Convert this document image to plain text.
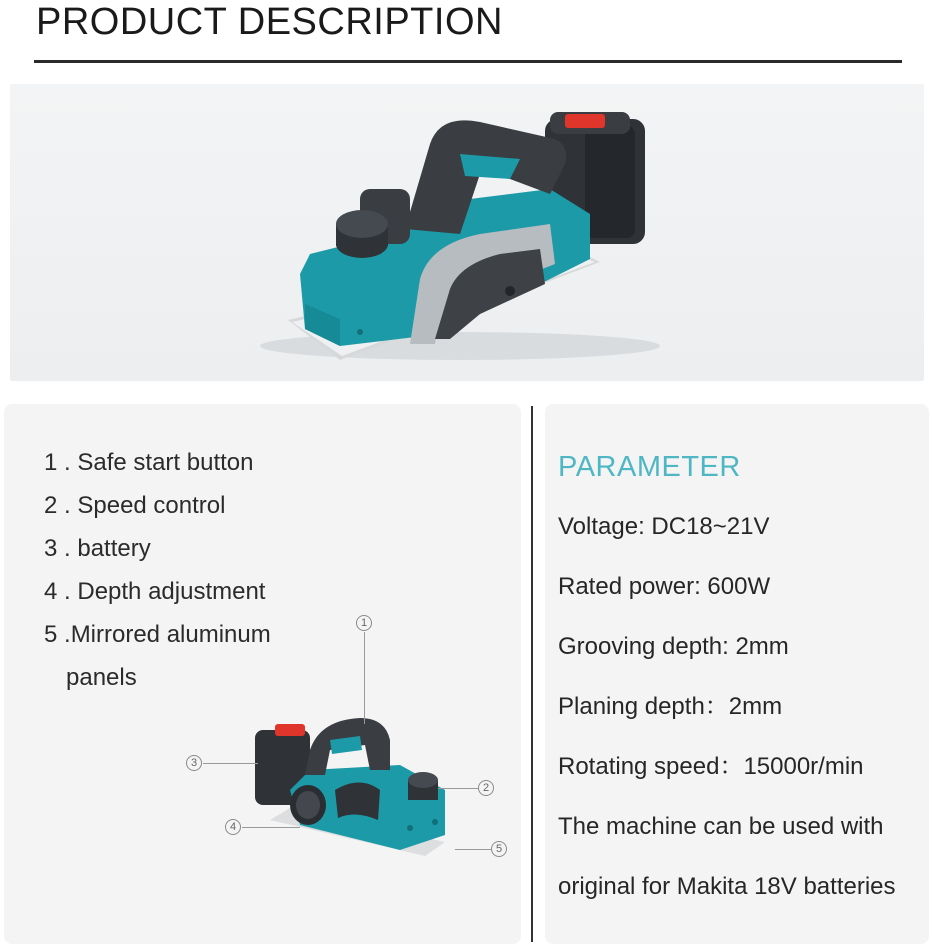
PRODUCT DESCRIPTION
1 . Safe start button
2 . Speed control
3 . battery
4 . Depth adjustment
5 .Mirrored aluminum
panels
1
2
3
4
5
PARAMETER
Voltage: DC18~21V
Rated power: 600W
Grooving depth: 2mm
Planing depth：2mm
Rotating speed：15000r/min
The machine can be used with
original for Makita 18V batteries
